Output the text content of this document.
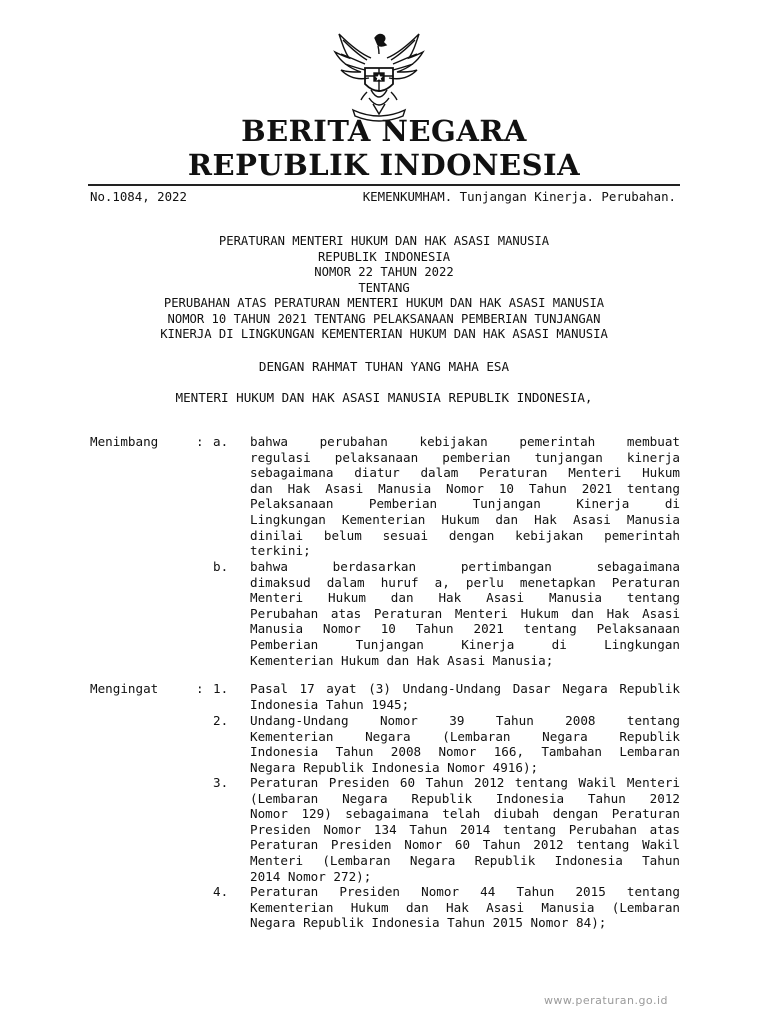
BERITA NEGARA
REPUBLIK INDONESIA
No.1084, 2022	KEMENKUMHAM. Tunjangan Kinerja. Perubahan.
PERATURAN MENTERI HUKUM DAN HAK ASASI MANUSIA
REPUBLIK INDONESIA
NOMOR 22 TAHUN 2022
TENTANG
PERUBAHAN ATAS PERATURAN MENTERI HUKUM DAN HAK ASASI MANUSIA
NOMOR 10 TAHUN 2021 TENTANG PELAKSANAAN PEMBERIAN TUNJANGAN
KINERJA DI LINGKUNGAN KEMENTERIAN HUKUM DAN HAK ASASI MANUSIA
DENGAN RAHMAT TUHAN YANG MAHA ESA
MENTERI HUKUM DAN HAK ASASI MANUSIA REPUBLIK INDONESIA,
Menimbang	: a. bahwa perubahan kebijakan pemerintah membuat
regulasi pelaksanaan pemberian tunjangan kinerja
sebagaimana diatur dalam Peraturan Menteri Hukum
dan Hak Asasi Manusia Nomor 10 Tahun 2021 tentang
Pelaksanaan Pemberian Tunjangan Kinerja di
Lingkungan Kementerian Hukum dan Hak Asasi Manusia
dinilai belum sesuai dengan kebijakan pemerintah
terkini;
b. bahwa berdasarkan pertimbangan sebagaimana
dimaksud dalam huruf a, perlu menetapkan Peraturan
Menteri Hukum dan Hak Asasi Manusia tentang
Perubahan atas Peraturan Menteri Hukum dan Hak Asasi
Manusia Nomor 10 Tahun 2021 tentang Pelaksanaan
Pemberian Tunjangan Kinerja di Lingkungan
Kementerian Hukum dan Hak Asasi Manusia;
Mengingat	: 1. Pasal 17 ayat (3) Undang-Undang Dasar Negara Republik
Indonesia Tahun 1945;
2. Undang-Undang Nomor 39 Tahun 2008 tentang
Kementerian Negara (Lembaran Negara Republik
Indonesia Tahun 2008 Nomor 166, Tambahan Lembaran
Negara Republik Indonesia Nomor 4916);
3. Peraturan Presiden 60 Tahun 2012 tentang Wakil Menteri
(Lembaran Negara Republik Indonesia Tahun 2012
Nomor 129) sebagaimana telah diubah dengan Peraturan
Presiden Nomor 134 Tahun 2014 tentang Perubahan atas
Peraturan Presiden Nomor 60 Tahun 2012 tentang Wakil
Menteri (Lembaran Negara Republik Indonesia Tahun
2014 Nomor 272);
4. Peraturan Presiden Nomor 44 Tahun 2015 tentang
Kementerian Hukum dan Hak Asasi Manusia (Lembaran
Negara Republik Indonesia Tahun 2015 Nomor 84);
www.peraturan.go.id
